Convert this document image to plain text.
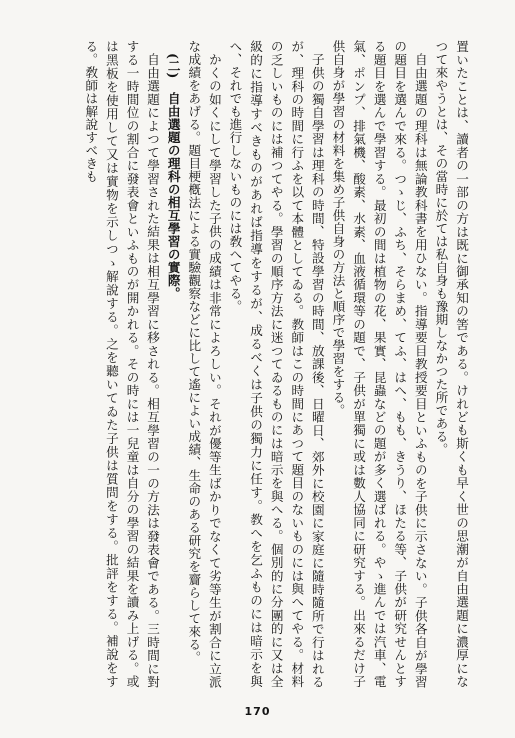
置いたことは、讀者の一部の方は既に御承知の筈である。けれども斯くも早く世の思潮が自由選題に濃厚になつて來やうとは、その當時に於ては私自身も豫期しなかつた所である。

自由選題の理科は無論教科書を用ひない。指導要目教授要目といふものを子供に示さない。子供各自が學習の題目を選んで來る。つゝじ、ふち、そらまめ、てふ、はへ、もも、きうり、ほたる等、子供が研究せんとする題目を選んで學習する。最初の間は植物の花、果實、昆蟲などの題が多く選ばれる。やゝ進んでは汽車、電氣、ポンプ、排氣機、酸素、水素、血液循環等の題で、子供が單獨に或は數人協同に研究する。出來るだけ子供自身が學習の材料を集め子供自身の方法と順序で學習をする。

子供の獨自學習は理科の時間、特設學習の時間、放課後、日曜日、郊外に校園に家庭に隨時隨所で行はれるが、理科の時間に行ふを以て本體としてゐる。教師はこの時間にあつて題目のないものには與へてやる。材料の乏しいものには補つてやる。學習の順序方法に迷つてゐるものには暗示を與へる。個別的に分團的に又は全級的に指導すべきものがあれば指導をするが、成るべくは子供の獨力に任す。教へを乞ふものには暗示を與へ、それでも進行しないものには敎へてやる。

かくの如くにして學習した子供の成績は非常によろしい。それが優等生ばかりでなくて劣等生が割合に立派な成績をあげる。題目梗槪法による實驗觀察などに比して遙によい成績、生命のある研究を齎らして來る。

(二)　自由選題の理科の相互學習の實際。

自由選題によつて學習された結果は相互學習に移される。相互學習の一の方法は發表會である。三時間に對する一時間位の割合に發表會といふものが開かれる。その時には一兒童は自分の學習の結果を讀み上げる。或は黑板を使用して又は實物を示しつゝ解說する。之を聽いてゐた子供は質問をする。批評をする。補說をする。敎師は解說すべきも

170
